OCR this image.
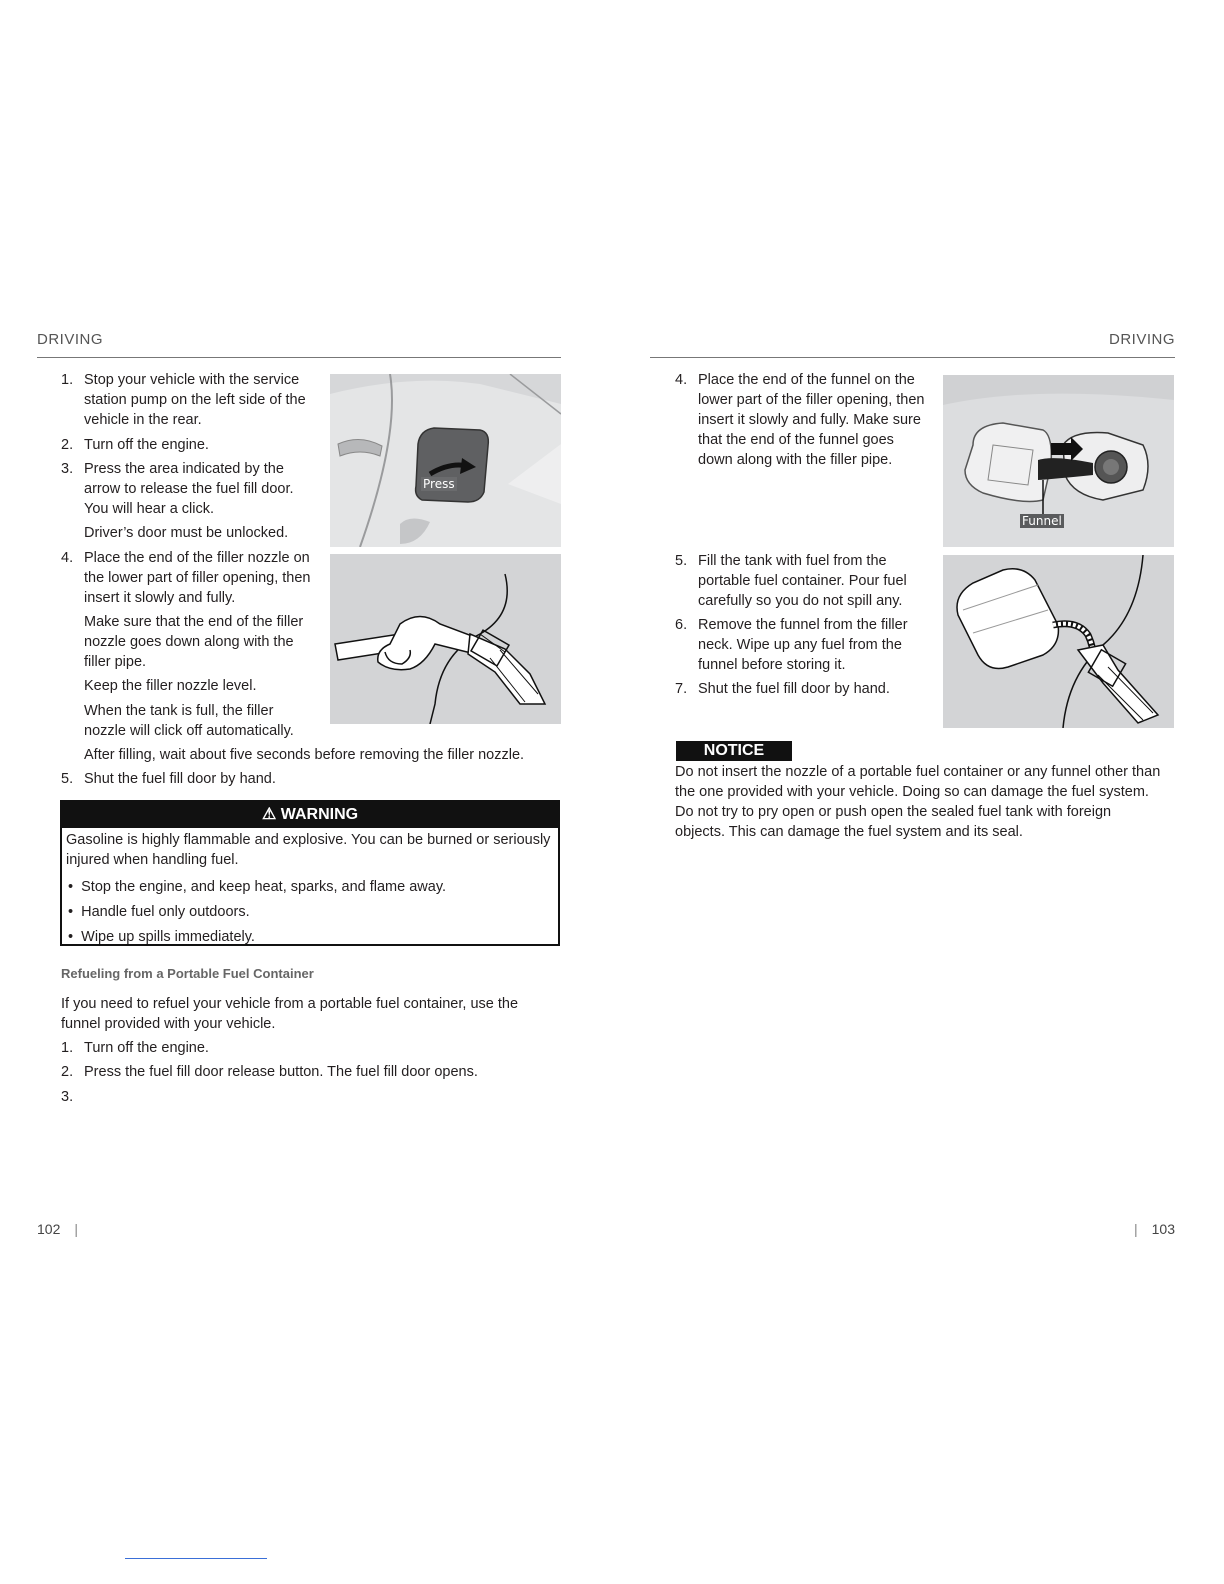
DRIVING
1. Stop your vehicle with the service
station pump on the left side of the
vehicle in the rear.
2. Turn off the engine.
3. Press the area indicated by the
arrow to release the fuel fill door.
You will hear a click.
Driver’s door must be unlocked.
4. Place the end of the filler nozzle on
the lower part of filler opening, then
insert it slowly and fully.
Make sure that the end of the filler
nozzle goes down along with the
filler pipe.
Keep the filler nozzle level.
When the tank is full, the filler
nozzle will click off automatically.
After filling, wait about five seconds before removing the filler nozzle.
5. Shut the fuel fill door by hand.
Press
⚠ WARNING
Gasoline is highly flammable and explosive. You can be burned or seriously
injured when handling fuel.
•  Stop the engine, and keep heat, sparks, and flame away.
•  Handle fuel only outdoors.
•  Wipe up spills immediately.
Refueling from a Portable Fuel Container
If you need to refuel your vehicle from a portable fuel container, use the
funnel provided with your vehicle.
1. Turn off the engine.
2. Press the fuel fill door release button. The fuel fill door opens.
3.
102 |
DRIVING
4. Place the end of the funnel on the
lower part of the filler opening, then
insert it slowly and fully. Make sure
that the end of the funnel goes
down along with the filler pipe.
5. Fill the tank with fuel from the
portable fuel container. Pour fuel
carefully so you do not spill any.
6. Remove the funnel from the filler
neck. Wipe up any fuel from the
funnel before storing it.
7. Shut the fuel fill door by hand.
Funnel
NOTICE
Do not insert the nozzle of a portable fuel container or any funnel other than
the one provided with your vehicle. Doing so can damage the fuel system.
Do not try to pry open or push open the sealed fuel tank with foreign
objects. This can damage the fuel system and its seal.
| 103
